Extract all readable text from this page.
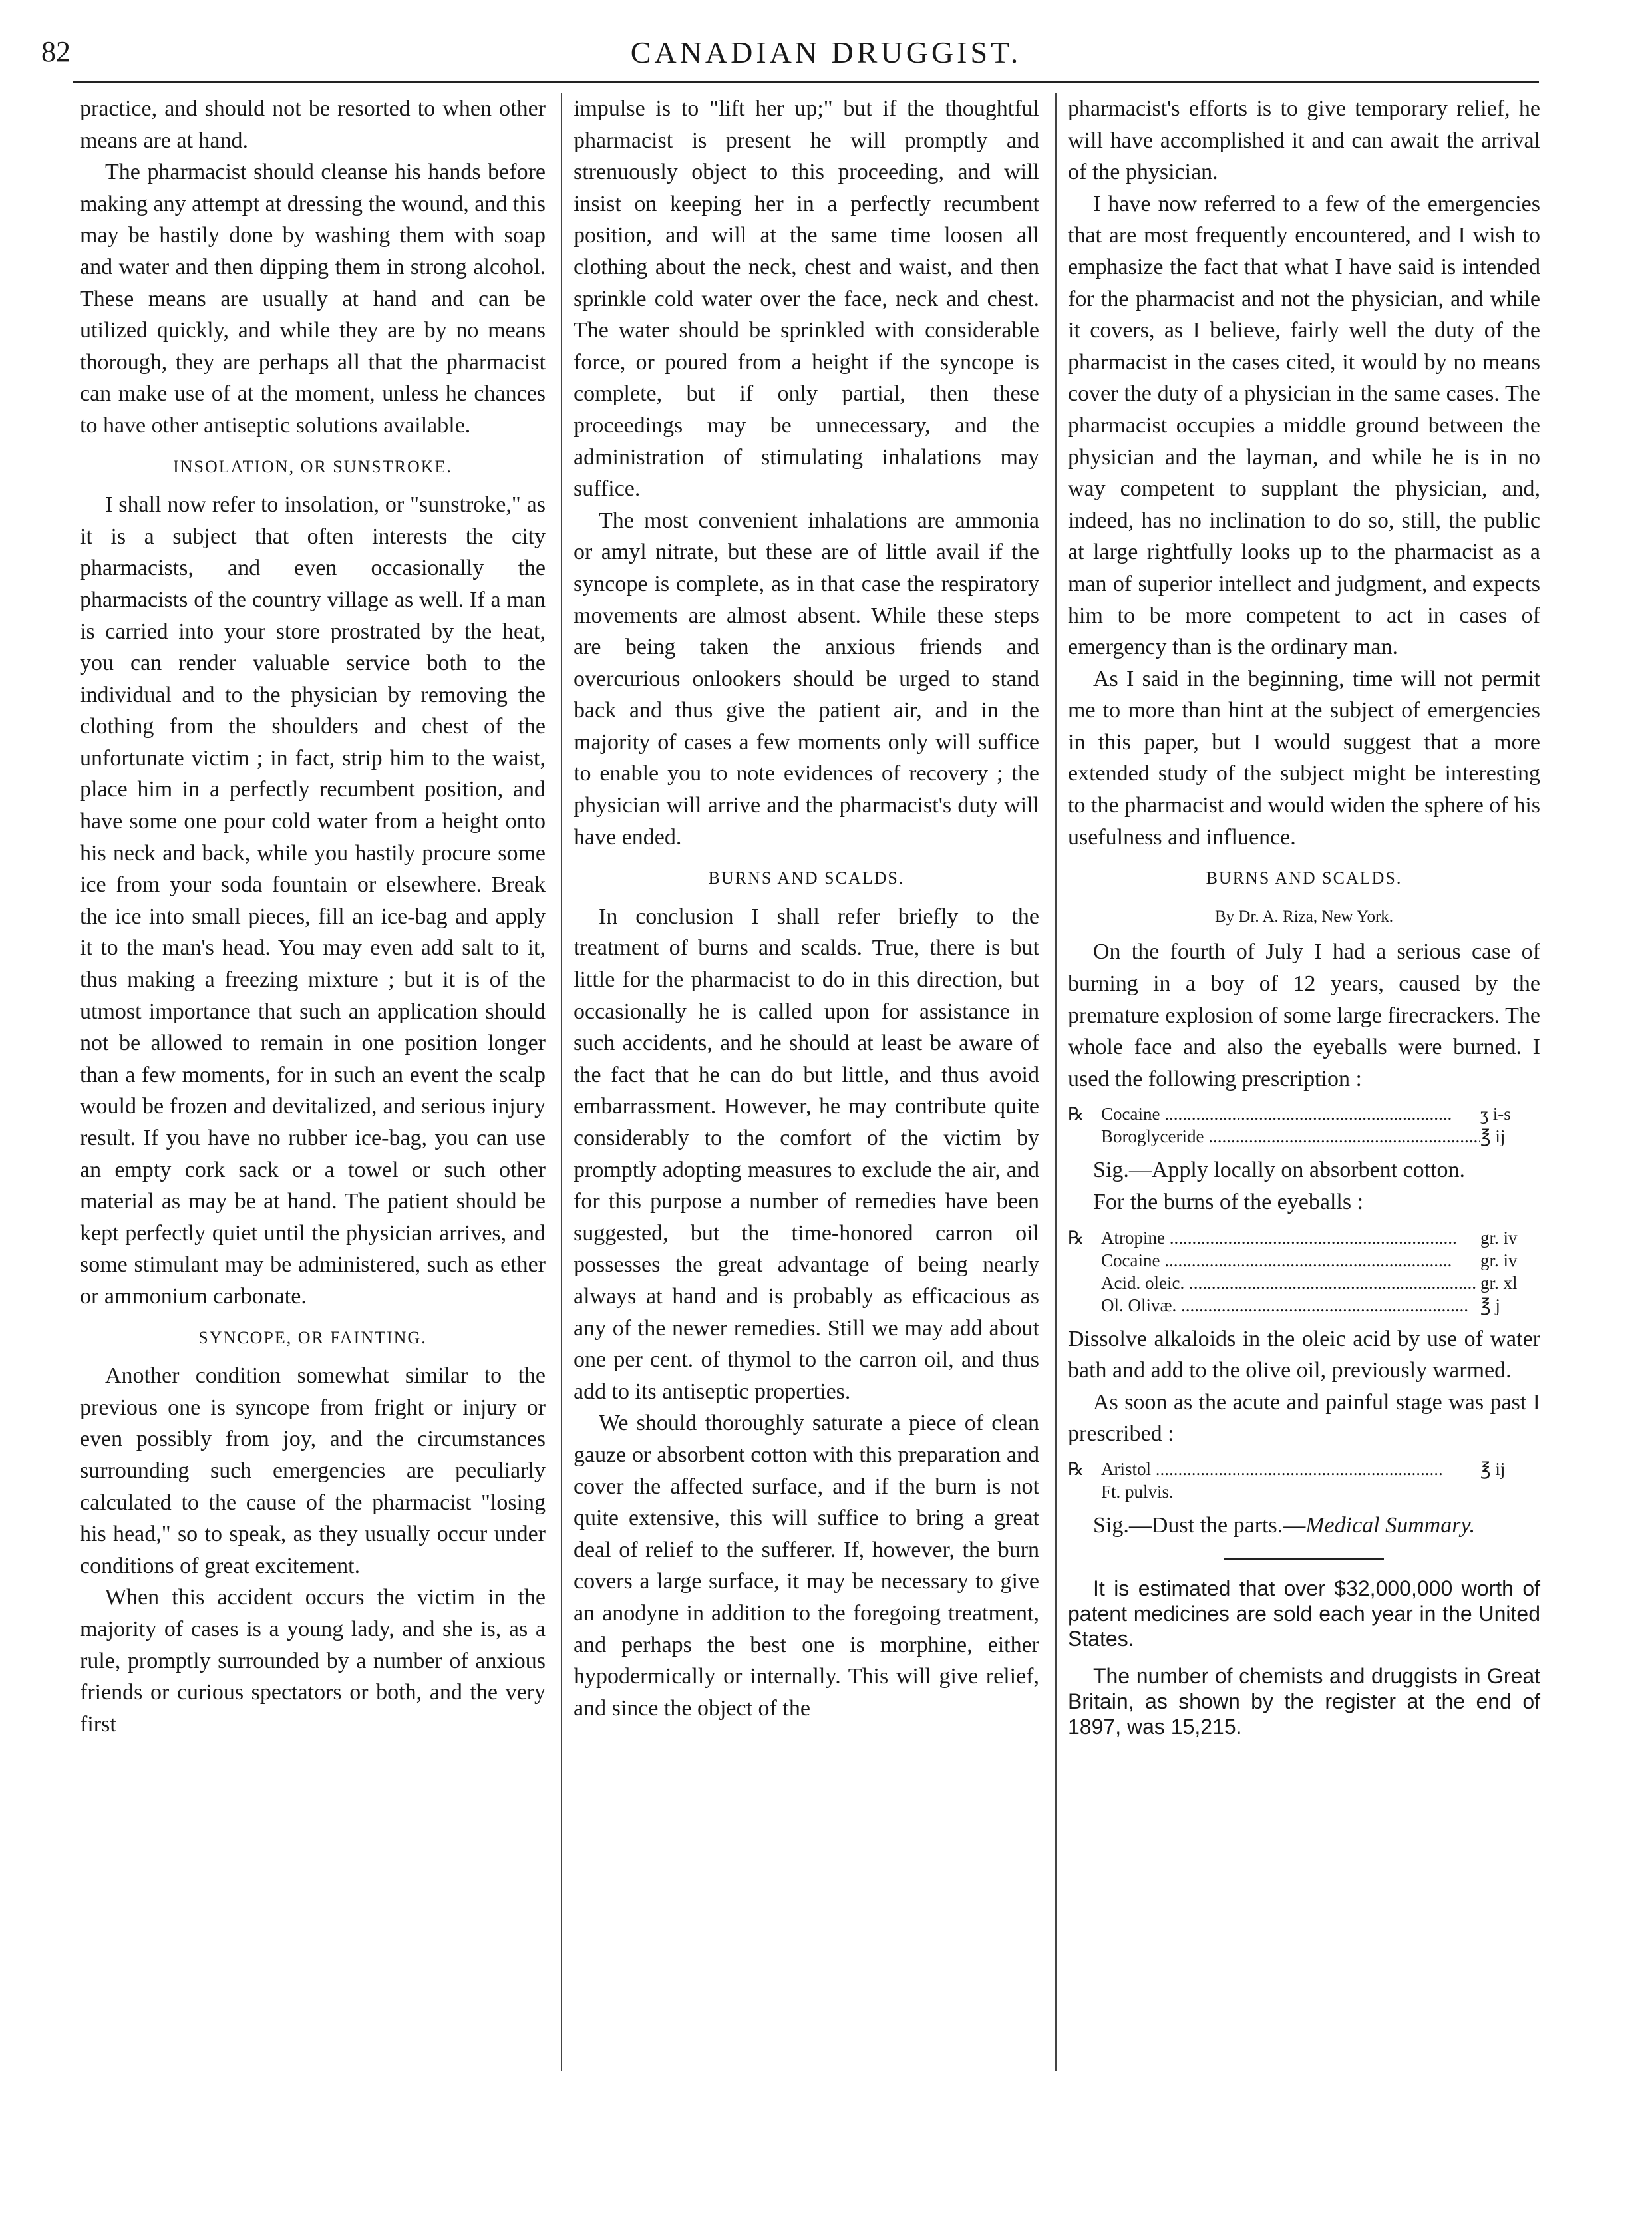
82	CANADIAN DRUGGIST.

practice, and should not be resorted to when other means are at hand.

The pharmacist should cleanse his hands before making any attempt at dressing the wound, and this may be hastily done by washing them with soap and water and then dipping them in strong alcohol. These means are usually at hand and can be utilized quickly, and while they are by no means thorough, they are perhaps all that the pharmacist can make use of at the moment, unless he chances to have other antiseptic solutions available.

INSOLATION, OR SUNSTROKE.

I shall now refer to insolation, or "sunstroke," as it is a subject that often interests the city pharmacists, and even occasionally the pharmacists of the country village as well. If a man is carried into your store prostrated by the heat, you can render valuable service both to the individual and to the physician by removing the clothing from the shoulders and chest of the unfortunate victim ; in fact, strip him to the waist, place him in a perfectly recumbent position, and have some one pour cold water from a height onto his neck and back, while you hastily procure some ice from your soda fountain or elsewhere. Break the ice into small pieces, fill an ice-bag and apply it to the man's head. You may even add salt to it, thus making a freezing mixture ; but it is of the utmost importance that such an application should not be allowed to remain in one position longer than a few moments, for in such an event the scalp would be frozen and devitalized, and serious injury result. If you have no rubber ice-bag, you can use an empty cork sack or a towel or such other material as may be at hand. The patient should be kept perfectly quiet until the physician arrives, and some stimulant may be administered, such as ether or ammonium carbonate.

SYNCOPE, OR FAINTING.

Another condition somewhat similar to the previous one is syncope from fright or injury or even possibly from joy, and the circumstances surrounding such emergencies are peculiarly calculated to the cause of the pharmacist "losing his head," so to speak, as they usually occur under conditions of great excitement.

When this accident occurs the victim in the majority of cases is a young lady, and she is, as a rule, promptly surrounded by a number of anxious friends or curious spectators or both, and the very first

impulse is to "lift her up;" but if the thoughtful pharmacist is present he will promptly and strenuously object to this proceeding, and will insist on keeping her in a perfectly recumbent position, and will at the same time loosen all clothing about the neck, chest and waist, and then sprinkle cold water over the face, neck and chest. The water should be sprinkled with considerable force, or poured from a height if the syncope is complete, but if only partial, then these proceedings may be unnecessary, and the administration of stimulating inhalations may suffice.

The most convenient inhalations are ammonia or amyl nitrate, but these are of little avail if the syncope is complete, as in that case the respiratory movements are almost absent. While these steps are being taken the anxious friends and overcurious onlookers should be urged to stand back and thus give the patient air, and in the majority of cases a few moments only will suffice to enable you to note evidences of recovery ; the physician will arrive and the pharmacist's duty will have ended.

BURNS AND SCALDS.

In conclusion I shall refer briefly to the treatment of burns and scalds. True, there is but little for the pharmacist to do in this direction, but occasionally he is called upon for assistance in such accidents, and he should at least be aware of the fact that he can do but little, and thus avoid embarrassment. However, he may contribute quite considerably to the comfort of the victim by promptly adopting measures to exclude the air, and for this purpose a number of remedies have been suggested, but the time-honored carron oil possesses the great advantage of being nearly always at hand and is probably as efficacious as any of the newer remedies. Still we may add about one per cent. of thymol to the carron oil, and thus add to its antiseptic properties.

We should thoroughly saturate a piece of clean gauze or absorbent cotton with this preparation and cover the affected surface, and if the burn is not quite extensive, this will suffice to bring a great deal of relief to the sufferer. If, however, the burn covers a large surface, it may be necessary to give an anodyne in addition to the foregoing treatment, and perhaps the best one is morphine, either hypodermically or internally. This will give relief, and since the object of the

pharmacist's efforts is to give temporary relief, he will have accomplished it and can await the arrival of the physician.

I have now referred to a few of the emergencies that are most frequently encountered, and I wish to emphasize the fact that what I have said is intended for the pharmacist and not the physician, and while it covers, as I believe, fairly well the duty of the pharmacist in the cases cited, it would by no means cover the duty of a physician in the same cases. The pharmacist occupies a middle ground between the physician and the layman, and while he is in no way competent to supplant the physician, and, indeed, has no inclination to do so, still, the public at large rightfully looks up to the pharmacist as a man of superior intellect and judgment, and expects him to be more competent to act in cases of emergency than is the ordinary man.

As I said in the beginning, time will not permit me to more than hint at the subject of emergencies in this paper, but I would suggest that a more extended study of the subject might be interesting to the pharmacist and would widen the sphere of his usefulness and influence.

BURNS AND SCALDS.
By Dr. A. Riza, New York.

On the fourth of July I had a serious case of burning in a boy of 12 years, caused by the premature explosion of some large firecrackers. The whole face and also the eyeballs were burned. I used the following prescription :

℞ Cocaine .....	ʒ i-s
Boroglyceride .....	℥ ij

Sig.—Apply locally on absorbent cotton.

For the burns of the eyeballs :

℞ Atropine .....	gr. iv
Cocaine .....	gr. iv
Acid. oleic. .....	gr. xl
Ol. Olivæ. .....	℥ j

Dissolve alkaloids in the oleic acid by use of water bath and add to the olive oil, previously warmed.

As soon as the acute and painful stage was past I prescribed :

℞ Aristol .....	℥ ij
Ft. pulvis.

Sig.—Dust the parts.—Medical Summary.

It is estimated that over $32,000,000 worth of patent medicines are sold each year in the United States.

The number of chemists and druggists in Great Britain, as shown by the register at the end of 1897, was 15,215.
